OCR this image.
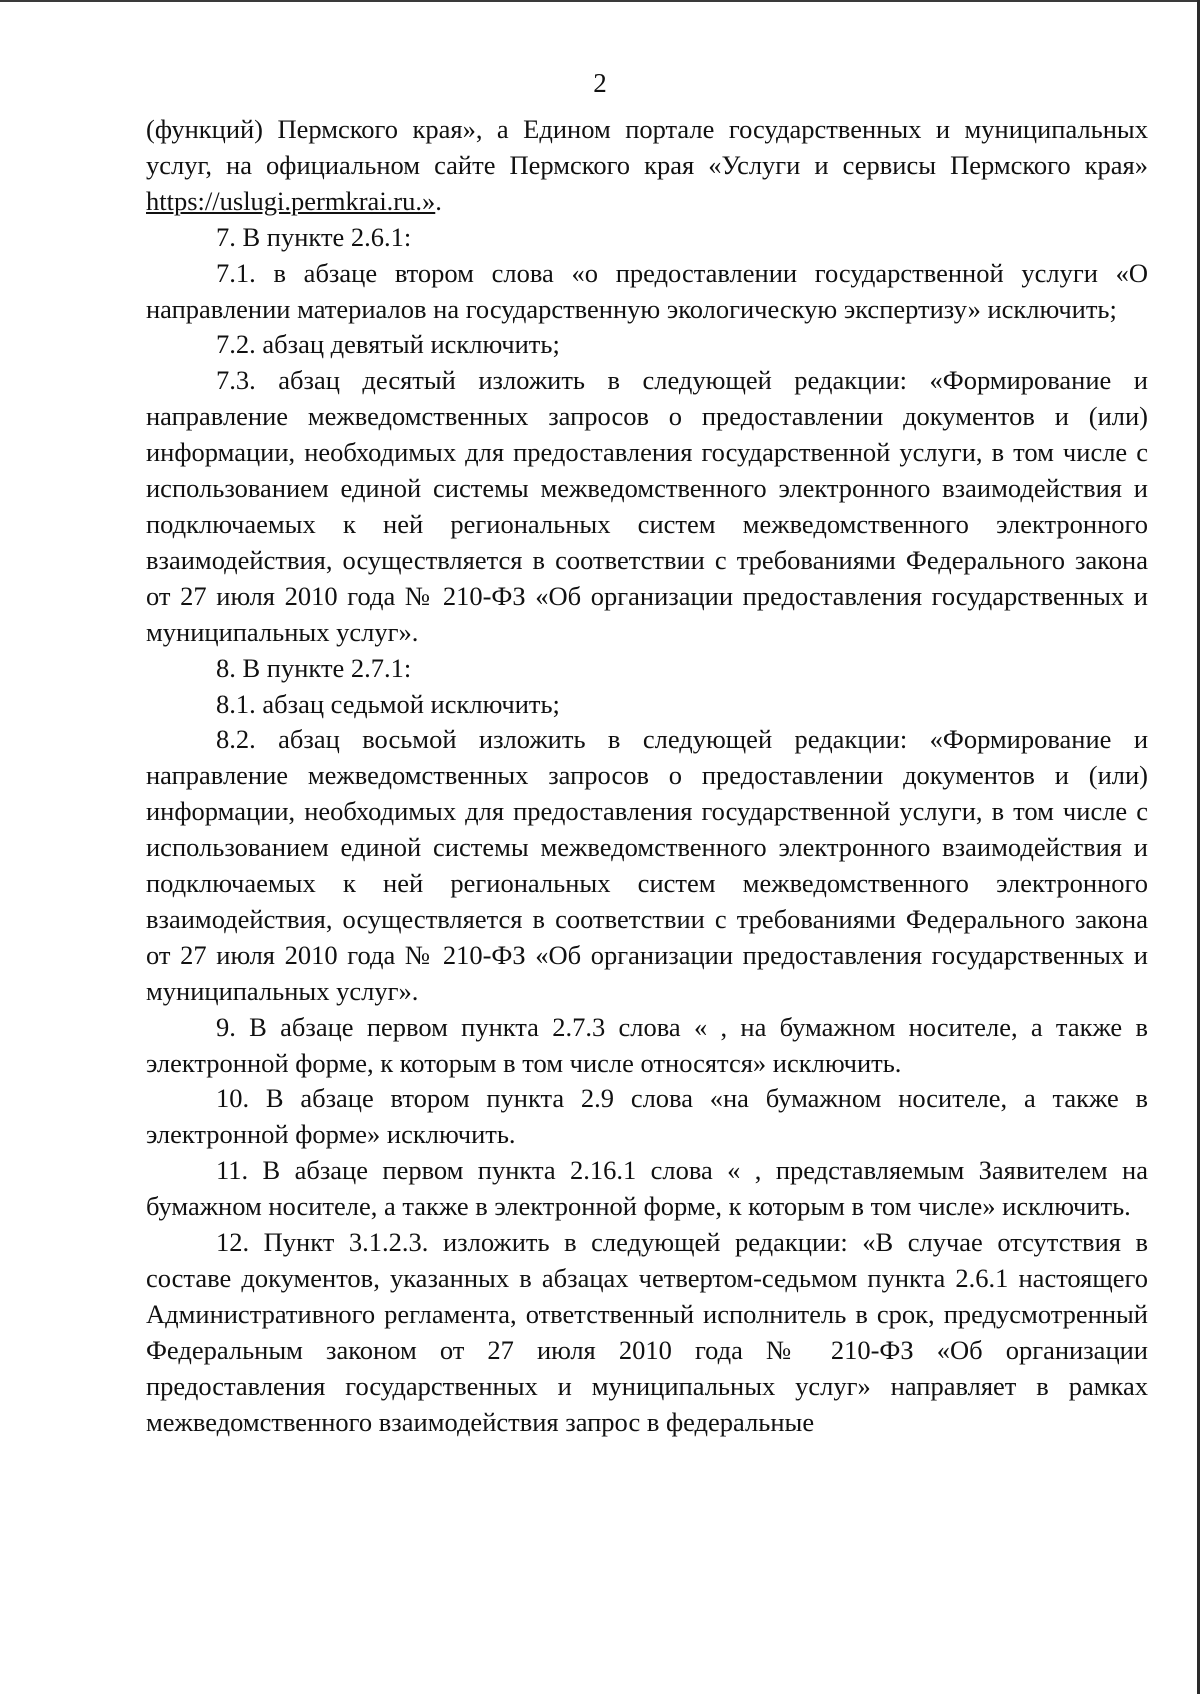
2

(функций) Пермского края», а Едином портале государственных и муниципальных услуг, на официальном сайте Пермского края «Услуги и сервисы Пермского края» https://uslugi.permkrai.ru.».

7. В пункте 2.6.1:

7.1. в абзаце втором слова «о предоставлении государственной услуги «О направлении материалов на государственную экологическую экспертизу» исключить;

7.2. абзац девятый исключить;

7.3. абзац десятый изложить в следующей редакции: «Формирование и направление межведомственных запросов о предоставлении документов и (или) информации, необходимых для предоставления государственной услуги, в том числе с использованием единой системы межведомственного электронного взаимодействия и подключаемых к ней региональных систем межведомственного электронного взаимодействия, осуществляется в соответствии с требованиями Федерального закона от 27 июля 2010 года № 210-ФЗ «Об организации предоставления государственных и муниципальных услуг».

8. В пункте 2.7.1:

8.1. абзац седьмой исключить;

8.2. абзац восьмой изложить в следующей редакции: «Формирование и направление межведомственных запросов о предоставлении документов и (или) информации, необходимых для предоставления государственной услуги, в том числе с использованием единой системы межведомственного электронного взаимодействия и подключаемых к ней региональных систем межведомственного электронного взаимодействия, осуществляется в соответствии с требованиями Федерального закона от 27 июля 2010 года № 210-ФЗ «Об организации предоставления государственных и муниципальных услуг».

9. В абзаце первом пункта 2.7.3 слова « , на бумажном носителе, а также в электронной форме, к которым в том числе относятся» исключить.

10. В абзаце втором пункта 2.9 слова «на бумажном носителе, а также в электронной форме» исключить.

11. В абзаце первом пункта 2.16.1 слова « , представляемым Заявителем на бумажном носителе, а также в электронной форме, к которым в том числе» исключить.

12. Пункт 3.1.2.3. изложить в следующей редакции: «В случае отсутствия в составе документов, указанных в абзацах четвертом-седьмом пункта 2.6.1 настоящего Административного регламента, ответственный исполнитель в срок, предусмотренный Федеральным законом от 27 июля 2010 года № 210-ФЗ «Об организации предоставления государственных и муниципальных услуг» направляет в рамках межведомственного взаимодействия запрос в федеральные
